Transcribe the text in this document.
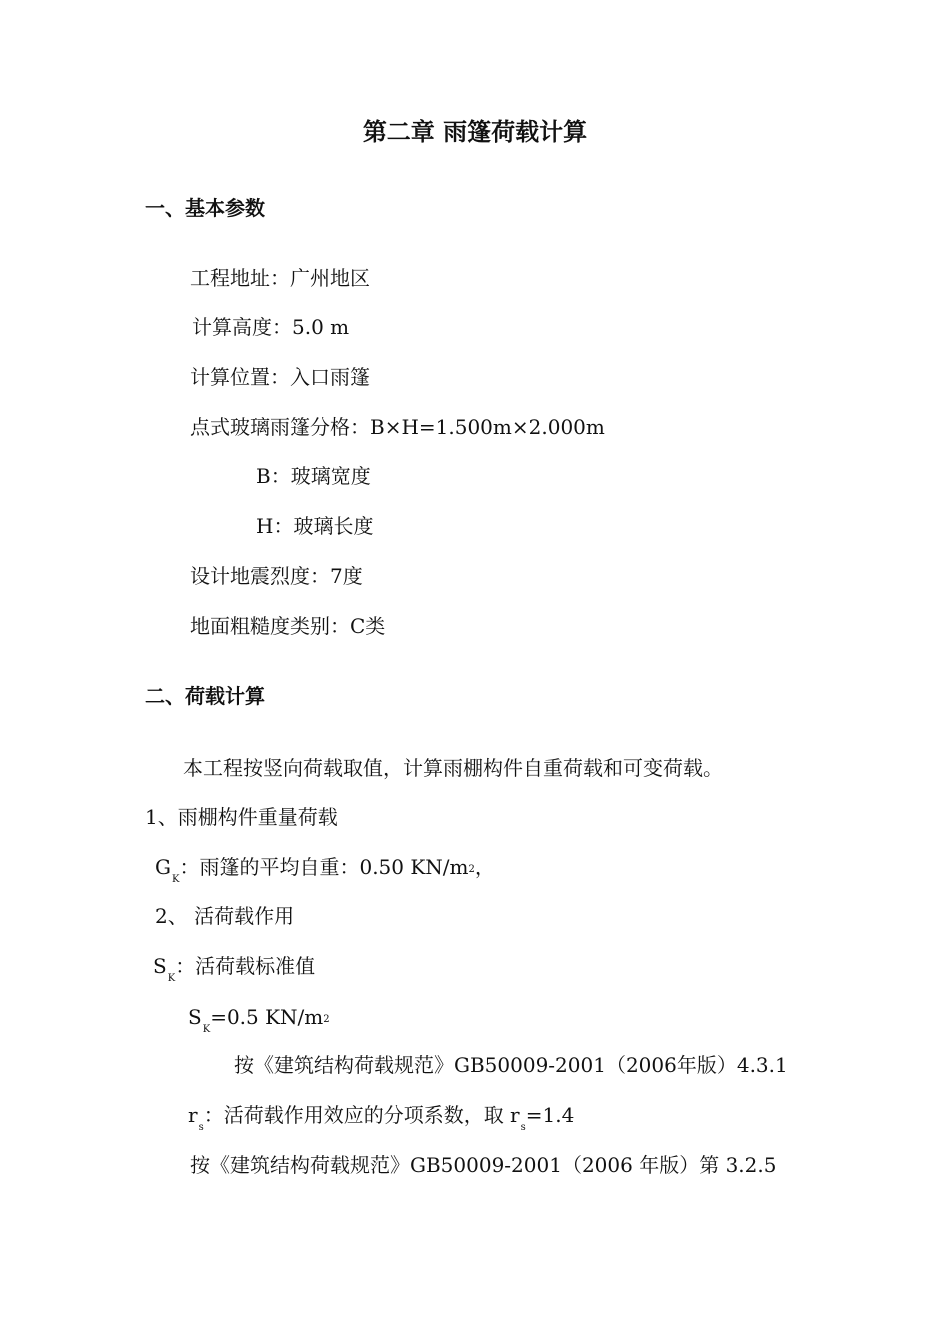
第二章 雨篷荷载计算
一、基本参数
工程地址：广州地区
计算高度：5.0 m
计算位置：入口雨篷
点式玻璃雨篷分格：B×H=1.500m×2.000m
B：玻璃宽度
H：玻璃长度
设计地震烈度：7度
地面粗糙度类别：C类
二、荷载计算
本工程按竖向荷载取值，计算雨棚构件自重荷载和可变荷载。
1、雨棚构件重量荷载
$G_K$：雨篷的平均自重：0.50 KN/m2，
2、 活荷载作用
$S_K$：活荷载标准值
$S_K=0.5$ KN/m2
按《建筑结构荷载规范》GB50009-2001（2006年版）4.3.1
$r_s$：活荷载作用效应的分项系数，取 $r_s=1.4$
按《建筑结构荷载规范》GB50009-2001（2006 年版）第 3.2.5
